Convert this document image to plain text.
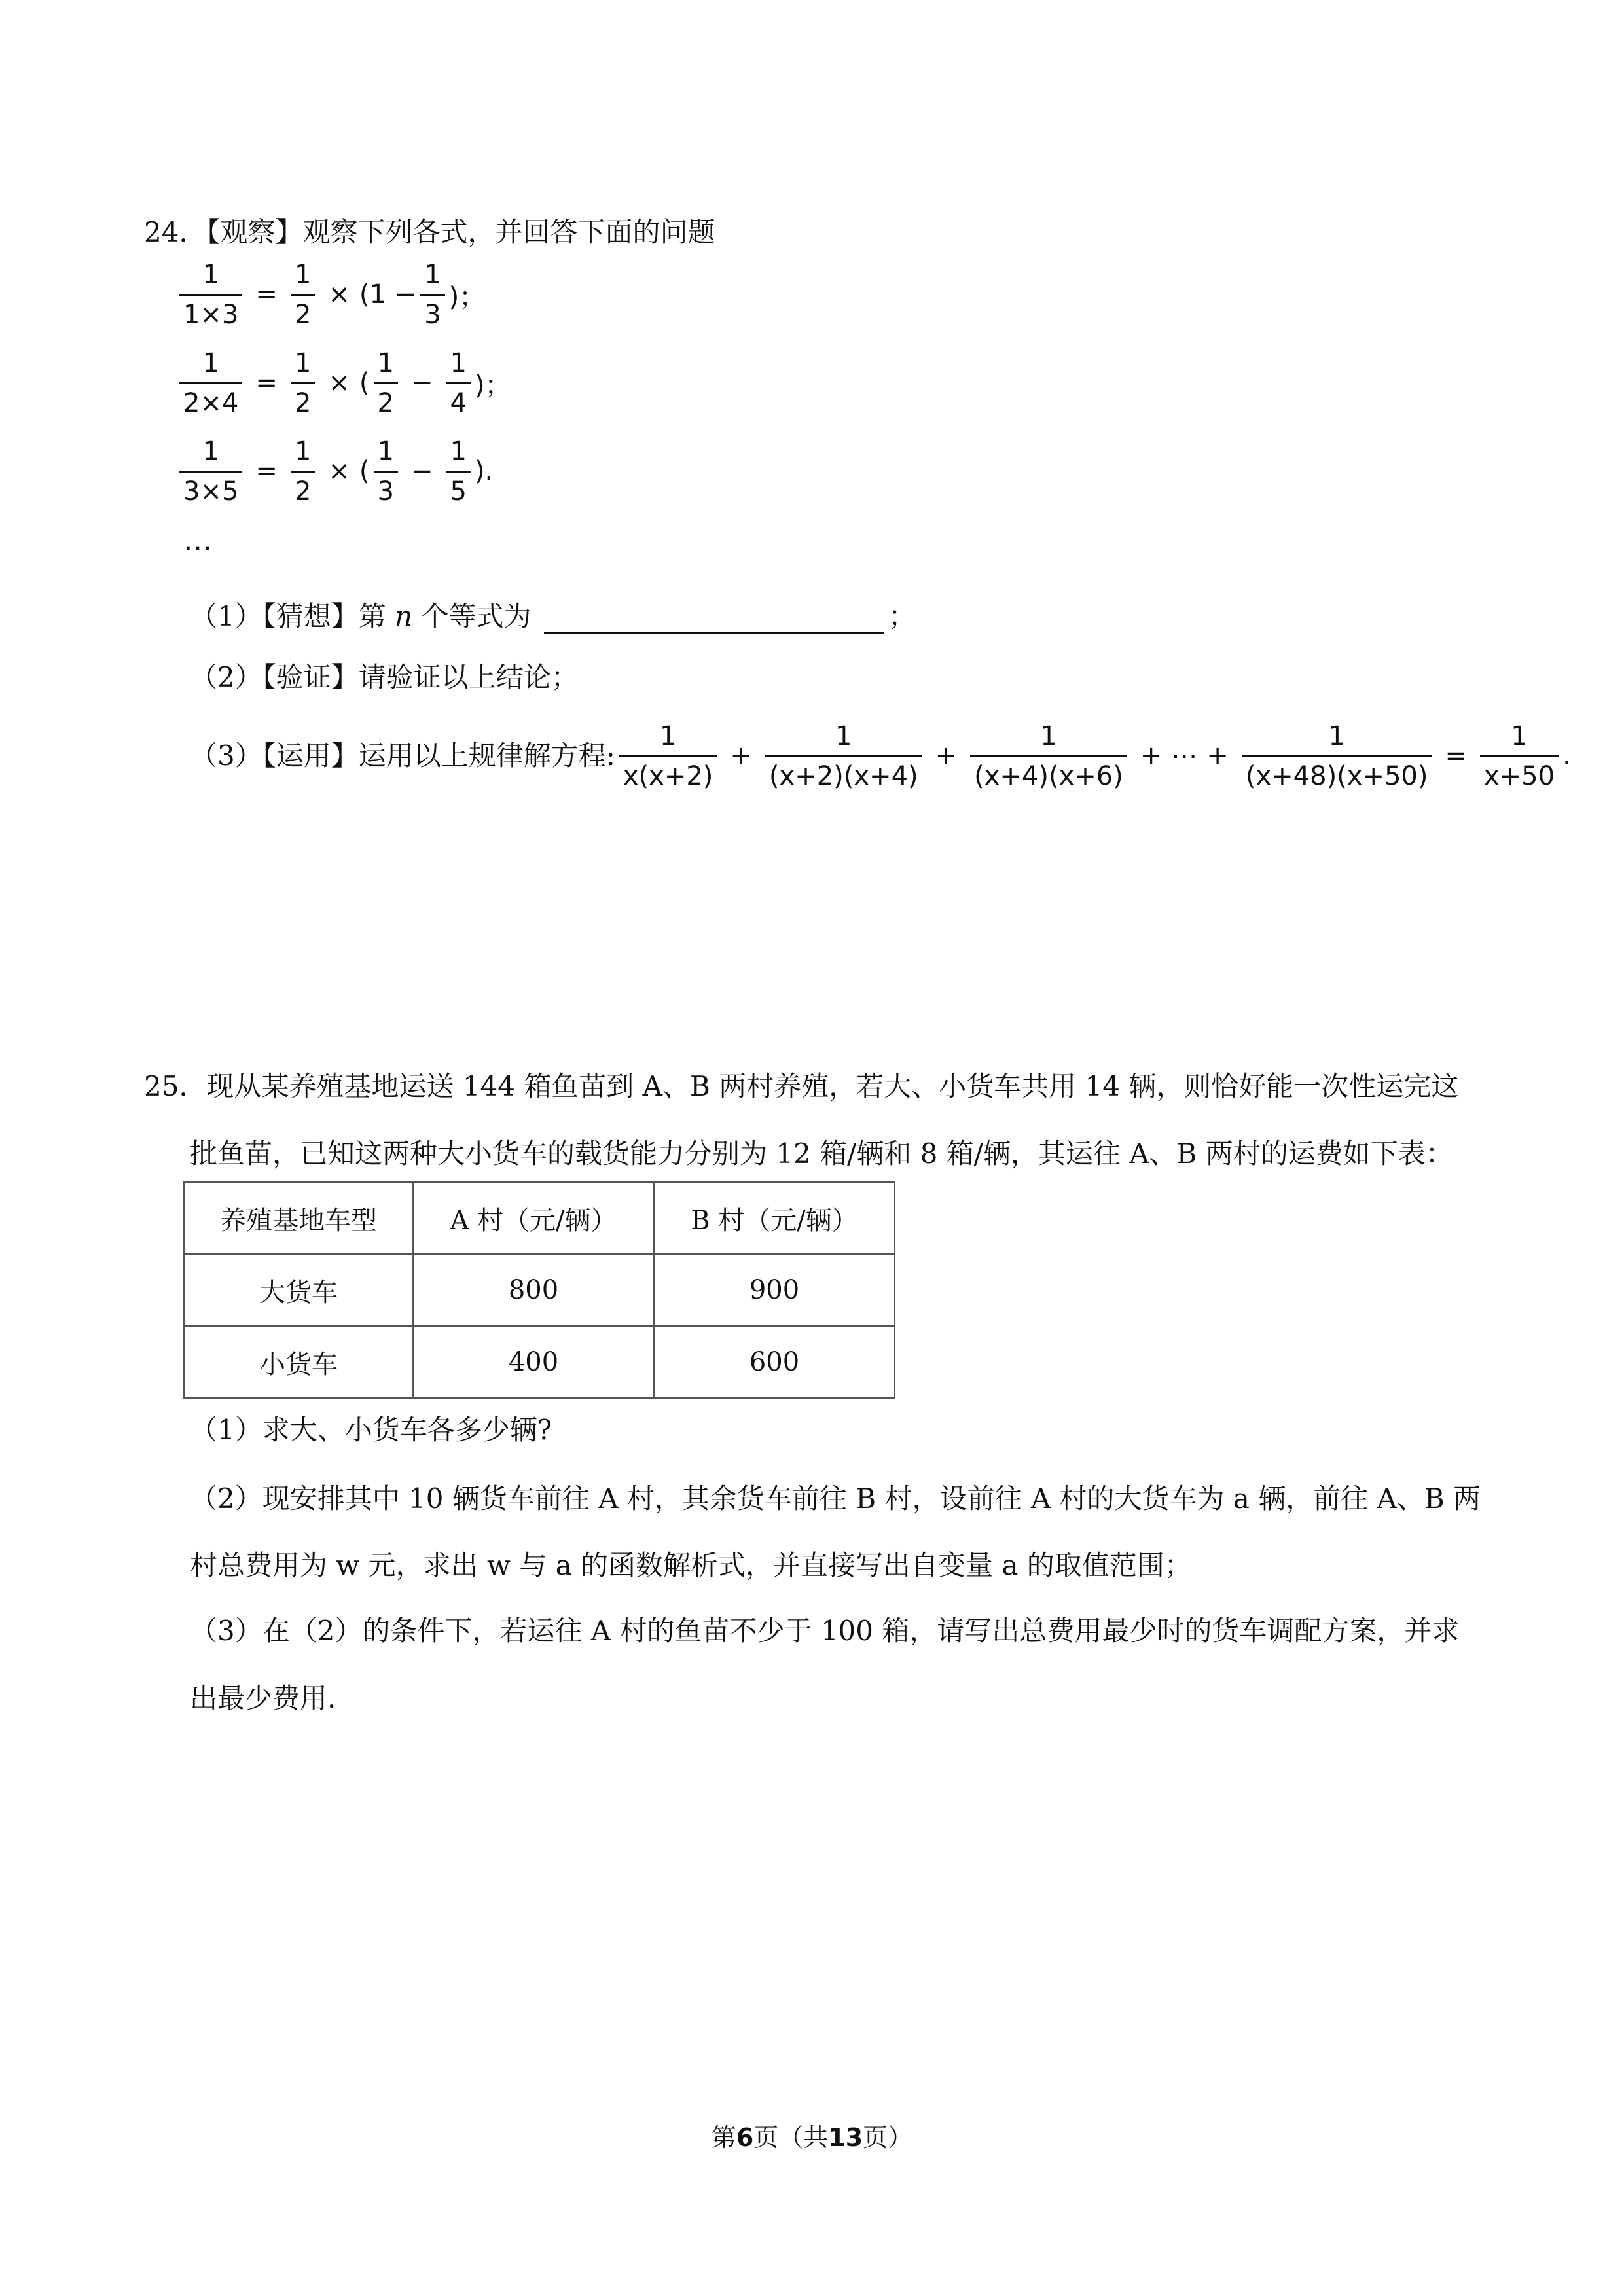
24．【观察】观察下列各式，并回答下面的问题
$\frac{1}{1\times 3} = \frac{1}{2} \times (1 - \frac{1}{3}$ )；
$\frac{1}{2\times 4} = \frac{1}{2}$ × ( $\frac{1}{2} - \frac{1}{4}$ )；
$\frac{1}{3\times 5} = \frac{1}{2}$ × ( $\frac{1}{3} - \frac{1}{5}$ ).
…
（1）【猜想】第 n 个等式为	；
（2）【验证】请验证以上结论；
（3）【运用】运用以上规律解方程: $\frac{1}{x(x+2)} + \frac{1}{(x+2)(x+4)} + \frac{1}{(x+4)(x+6)}$ + ⋯ + $\frac{1}{(x+48)(x+50)} = \frac{1}{x+50}$ .
25．现从某养殖基地运送 144 箱鱼苗到 A、B 两村养殖，若大、小货车共用 14 辆，则恰好能一次性运完这
批鱼苗，已知这两种大小货车的载货能力分别为 12 箱/辆和 8 箱/辆，其运往 A、B 两村的运费如下表：
养殖基地车型	A 村（元/辆）	B 村（元/辆）
大货车	800	900
小货车	400	600
（1）求大、小货车各多少辆?
（2）现安排其中 10 辆货车前往 A 村，其余货车前往 B 村，设前往 A 村的大货车为 a 辆，前往 A、B 两
村总费用为 w 元，求出 w 与 a 的函数解析式，并直接写出自变量 a 的取值范围；
（3）在（2）的条件下，若运往 A 村的鱼苗不少于 100 箱，请写出总费用最少时的货车调配方案，并求
出最少费用.
第6页（共13页）
